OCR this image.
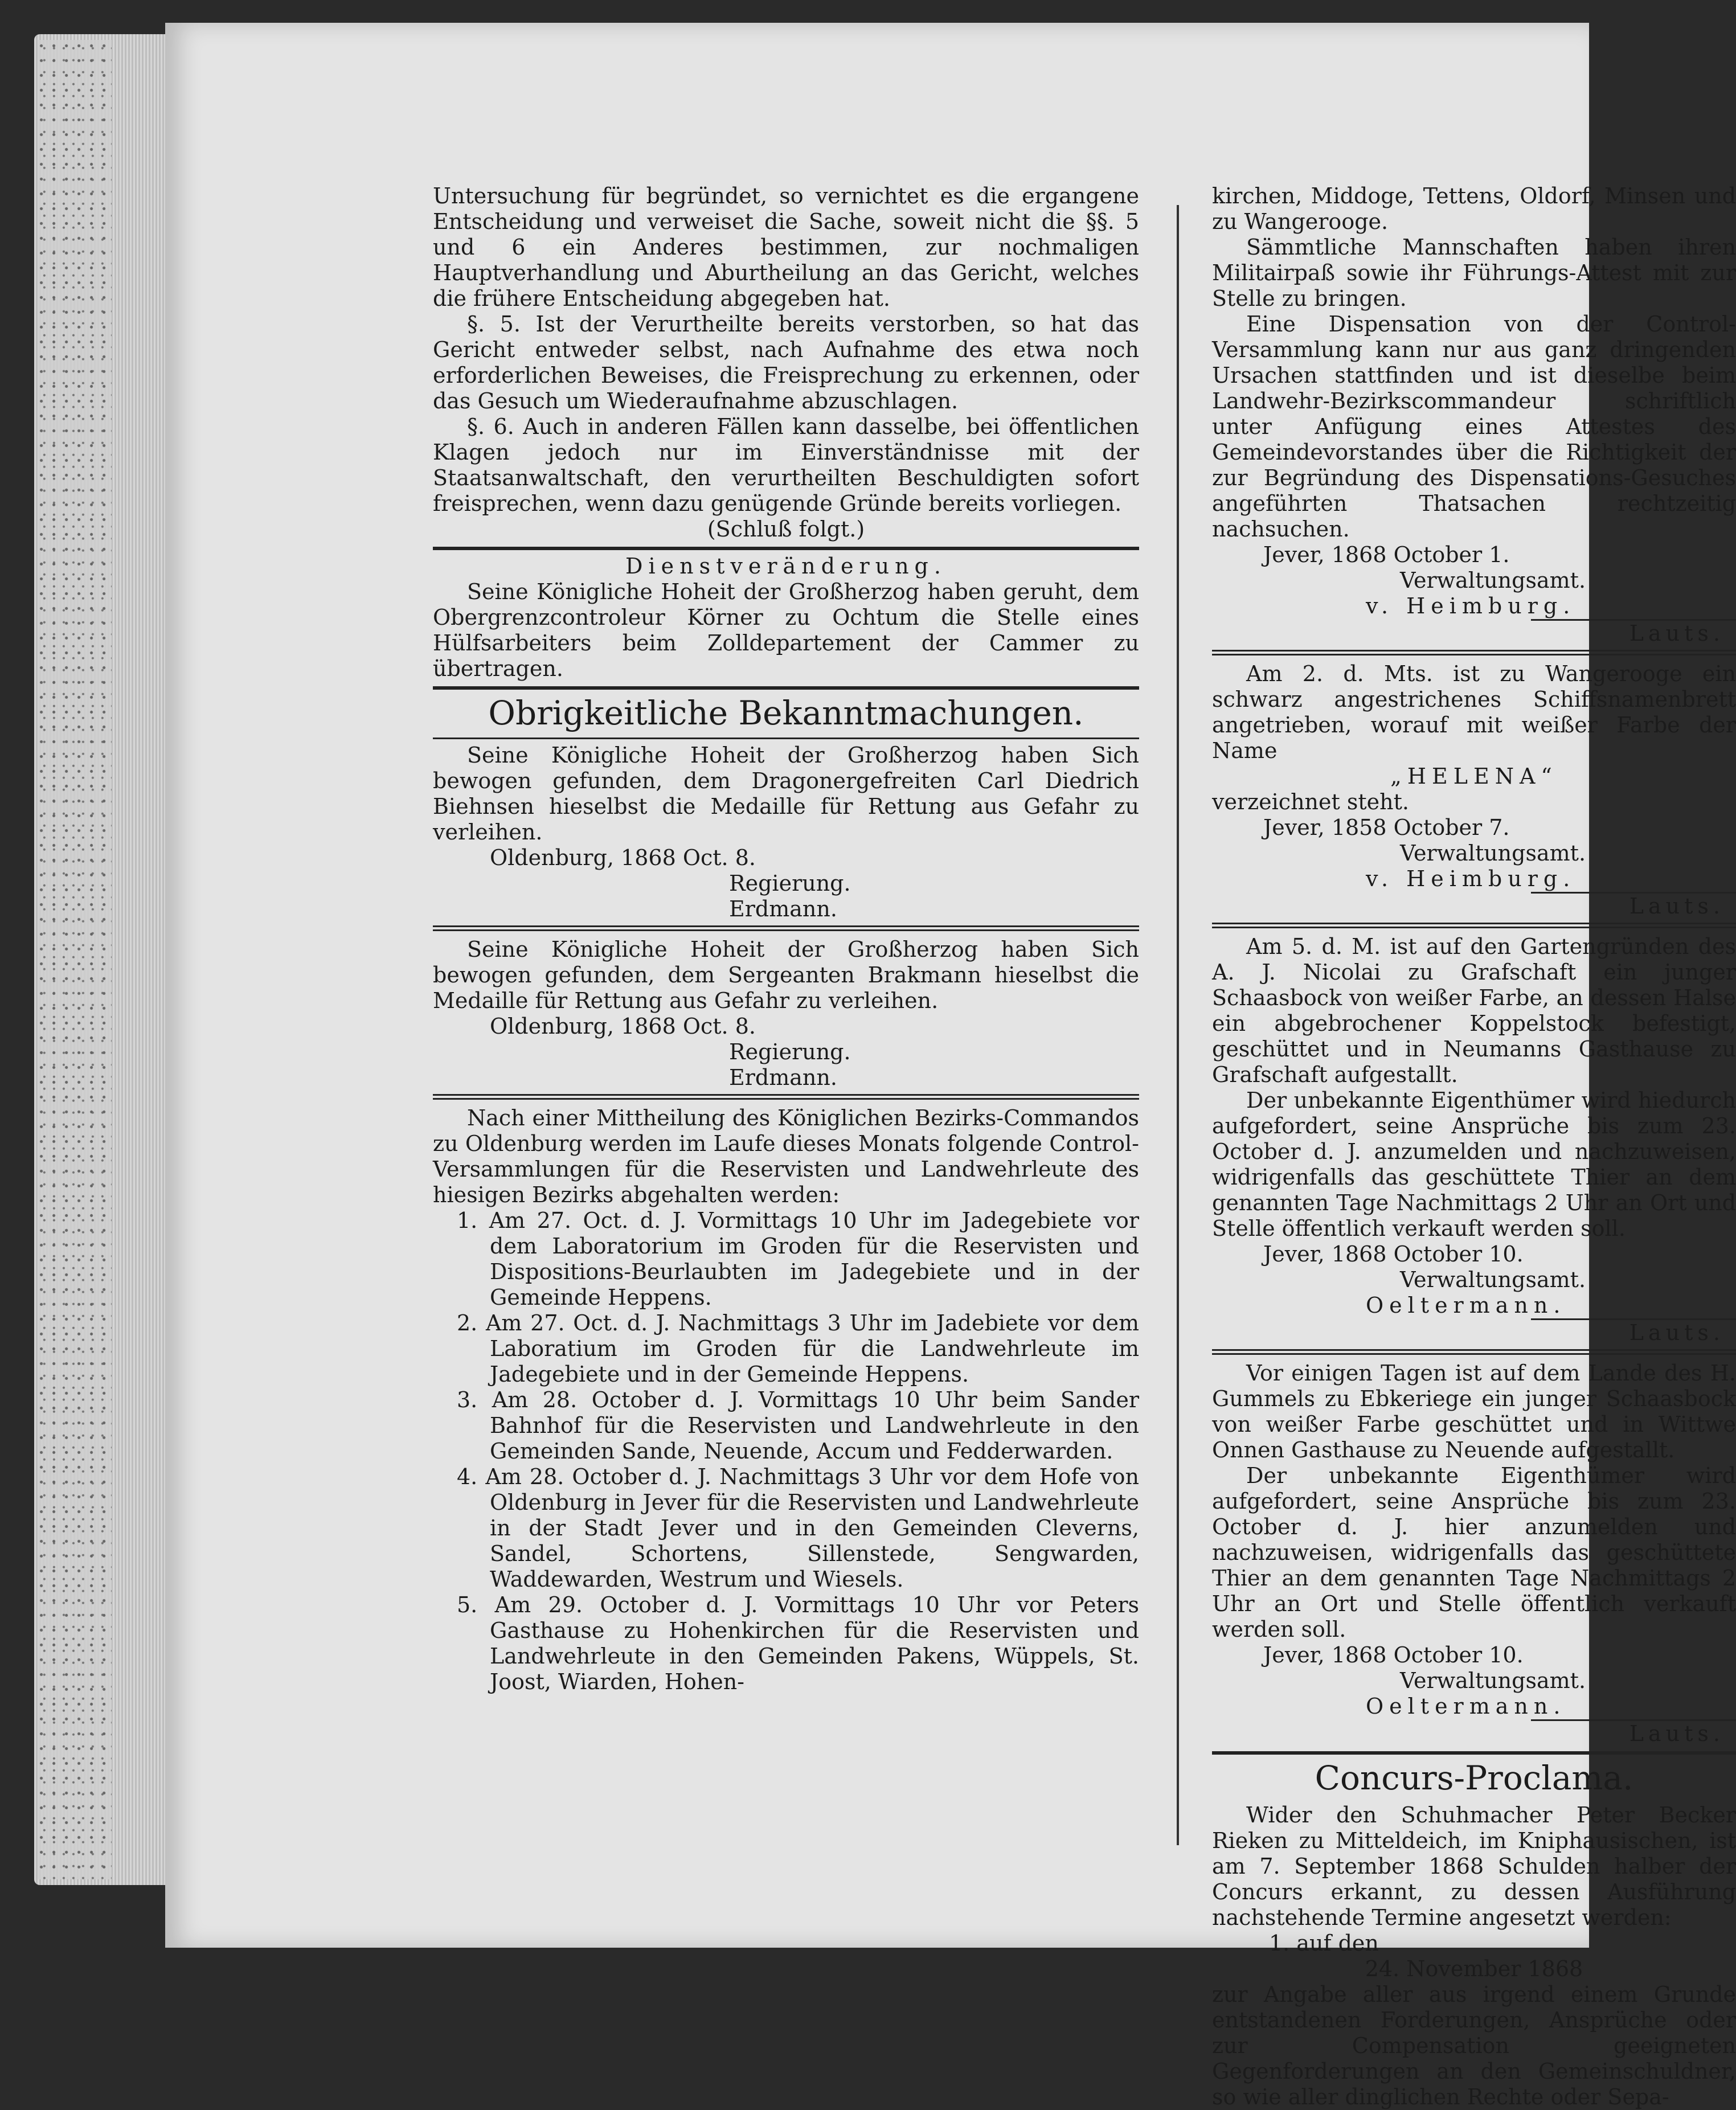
Untersuchung für begründet, so vernichtet es die ergangene Entscheidung und verweiset die Sache, soweit nicht die §§. 5 und 6 ein Anderes bestimmen, zur nochmaligen Hauptverhandlung und Aburtheilung an das Gericht, welches die frühere Entscheidung abgegeben hat.

§. 5. Ist der Verurtheilte bereits verstorben, so hat das Gericht entweder selbst, nach Aufnahme des etwa noch erforderlichen Beweises, die Freisprechung zu erkennen, oder das Gesuch um Wiederaufnahme abzuschlagen.

§. 6. Auch in anderen Fällen kann dasselbe, bei öffentlichen Klagen jedoch nur im Einverständnisse mit der Staatsanwaltschaft, den verurtheilten Beschuldigten sofort freisprechen, wenn dazu genügende Gründe bereits vorliegen.

(Schluß folgt.)

Dienstveränderung.

Seine Königliche Hoheit der Großherzog haben geruht, dem Obergrenzcontroleur Körner zu Ochtum die Stelle eines Hülfsarbeiters beim Zolldepartement der Cammer zu übertragen.

Obrigkeitliche Bekanntmachungen.

Seine Königliche Hoheit der Großherzog haben Sich bewogen gefunden, dem Dragonergefreiten Carl Diedrich Biehnsen hieselbst die Medaille für Rettung aus Gefahr zu verleihen.

Oldenburg, 1868 Oct. 8.

Regierung.

Erdmann.

Seine Königliche Hoheit der Großherzog haben Sich bewogen gefunden, dem Sergeanten Brakmann hieselbst die Medaille für Rettung aus Gefahr zu verleihen.

Oldenburg, 1868 Oct. 8.

Regierung.

Erdmann.

Nach einer Mittheilung des Königlichen Bezirks-Commandos zu Oldenburg werden im Laufe dieses Monats folgende Control-Versammlungen für die Reservisten und Landwehrleute des hiesigen Bezirks abgehalten werden:

1. Am 27. Oct. d. J. Vormittags 10 Uhr im Jadegebiete vor dem Laboratorium im Groden für die Reservisten und Dispositions-Beurlaubten im Jadegebiete und in der Gemeinde Heppens.

2. Am 27. Oct. d. J. Nachmittags 3 Uhr im Jadebiete vor dem Laboratium im Groden für die Landwehrleute im Jadegebiete und in der Gemeinde Heppens.

3. Am 28. October d. J. Vormittags 10 Uhr beim Sander Bahnhof für die Reservisten und Landwehrleute in den Gemeinden Sande, Neuende, Accum und Fedderwarden.

4. Am 28. October d. J. Nachmittags 3 Uhr vor dem Hofe von Oldenburg in Jever für die Reservisten und Landwehrleute in der Stadt Jever und in den Gemeinden Cleverns, Sandel, Schortens, Sillenstede, Sengwarden, Waddewarden, Westrum und Wiesels.

5. Am 29. October d. J. Vormittags 10 Uhr vor Peters Gasthause zu Hohenkirchen für die Reservisten und Landwehrleute in den Gemeinden Pakens, Wüppels, St. Joost, Wiarden, Hohen-

kirchen, Middoge, Tettens, Oldorf, Minsen und zu Wangerooge.

Sämmtliche Mannschaften haben ihren Militairpaß sowie ihr Führungs-Attest mit zur Stelle zu bringen.

Eine Dispensation von der Control-Versammlung kann nur aus ganz dringenden Ursachen stattfinden und ist dieselbe beim Landwehr-Bezirkscommandeur schriftlich unter Anfügung eines Attestes des Gemeindevorstandes über die Richtigkeit der zur Begründung des Dispensations-Gesuches angeführten Thatsachen rechtzeitig nachsuchen.

Jever, 1868 October 1.

Verwaltungsamt.

v. Heimburg.

Lauts.

Am 2. d. Mts. ist zu Wangerooge ein schwarz angestrichenes Schiffsnamenbrett angetrieben, worauf mit weißer Farbe der Name

„HELENA“

verzeichnet steht.

Jever, 1858 October 7.

Verwaltungsamt.

v. Heimburg.

Lauts.

Am 5. d. M. ist auf den Gartengründen des A. J. Nicolai zu Grafschaft ein junger Schaasbock von weißer Farbe, an dessen Halse ein abgebrochener Koppelstock befestigt, geschüttet und in Neumanns Gasthause zu Grafschaft aufgestallt.

Der unbekannte Eigenthümer wird hiedurch aufgefordert, seine Ansprüche bis zum 23. October d. J. anzumelden und nachzuweisen, widrigenfalls das geschüttete Thier an dem genannten Tage Nachmittags 2 Uhr an Ort und Stelle öffentlich verkauft werden soll.

Jever, 1868 October 10.

Verwaltungsamt.

Oeltermann.

Lauts.

Vor einigen Tagen ist auf dem Lande des H. Gummels zu Ebkeriege ein junger Schaasbock von weißer Farbe geschüttet und in Wittwe Onnen Gasthause zu Neuende aufgestallt.

Der unbekannte Eigenthümer wird aufgefordert, seine Ansprüche bis zum 23. October d. J. hier anzumelden und nachzuweisen, widrigenfalls das geschüttete Thier an dem genannten Tage Nachmittags 2 Uhr an Ort und Stelle öffentlich verkauft werden soll.

Jever, 1868 October 10.

Verwaltungsamt.

Oeltermann.

Lauts.

Concurs-Proclama.

Wider den Schuhmacher Peter Becker Rieken zu Mitteldeich, im Kniphausischen, ist am 7. September 1868 Schulden halber der Concurs erkannt, zu dessen Ausführung nachstehende Termine angesetzt werden:

1. auf den

24. November 1868

zur Angabe aller aus irgend einem Grunde entstandenen Forderungen, Ansprüche oder zur Compensation geeigneten Gegenforderungen an den Gemeinschuldner, so wie aller dinglichen Rechte oder Sepa-
